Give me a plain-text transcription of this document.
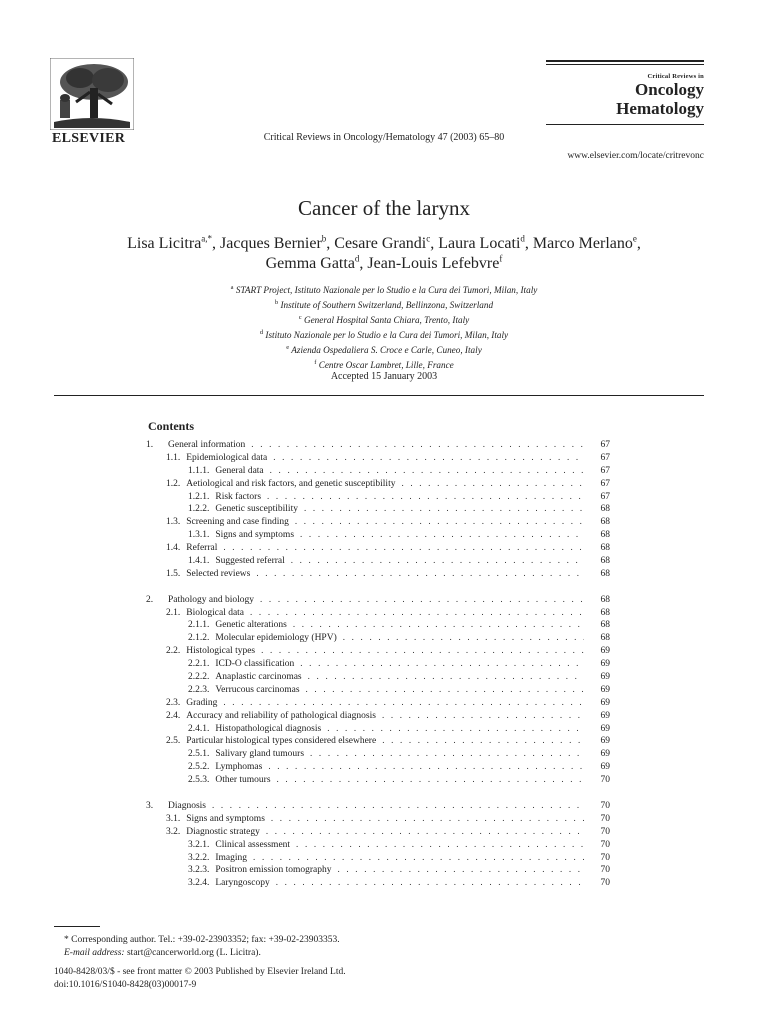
ELSEVIER	Critical Reviews in Oncology/Hematology 47 (2003) 65–80
Critical Reviews in
Oncology
Hematology
www.elsevier.com/locate/critrevonc
Cancer of the larynx
Lisa Licitra$^{a,*}$, Jacques Bernier$^b$, Cesare Grandi$^c$, Laura Locati$^d$, Marco Merlano$^e$,
Gemma Gatta$^d$, Jean-Louis Lefebvre$^f$
$^a$ START Project, Istituto Nazionale per lo Studio e la Cura dei Tumori, Milan, Italy
$^b$ Institute of Southern Switzerland, Bellinzona, Switzerland
$^c$ General Hospital Santa Chiara, Trento, Italy
$^d$ Istituto Nazionale per lo Studio e la Cura dei Tumori, Milan, Italy
$^e$ Azienda Ospedaliera S. Croce e Carle, Cuneo, Italy
$^f$ Centre Oscar Lambret, Lille, France
Accepted 15 January 2003
Contents
1.	General information . . .	67
1.1. Epidemiological data . . .	67
1.1.1. General data . . .	67
1.2. Aetiological and risk factors, and genetic susceptibility . . .	67
1.2.1. Risk factors . . .	67
1.2.2. Genetic susceptibility . . .	68
1.3. Screening and case finding . . .	68
1.3.1. Signs and symptoms . . .	68
1.4. Referral . . .	68
1.4.1. Suggested referral . . .	68
1.5. Selected reviews . . .	68
2.	Pathology and biology . . .	68
2.1. Biological data . . .	68
2.1.1. Genetic alterations . . .	68
2.1.2. Molecular epidemiology (HPV) . . .	68
2.2. Histological types . . .	69
2.2.1. ICD-O classification . . .	69
2.2.2. Anaplastic carcinomas . . .	69
2.2.3. Verrucous carcinomas . . .	69
2.3. Grading . . .	69
2.4. Accuracy and reliability of pathological diagnosis . . .	69
2.4.1. Histopathological diagnosis . . .	69
2.5. Particular histological types considered elsewhere . . .	69
2.5.1. Salivary gland tumours . . .	69
2.5.2. Lymphomas . . .	69
2.5.3. Other tumours . . .	70
3.	Diagnosis . . .	70
3.1. Signs and symptoms . . .	70
3.2. Diagnostic strategy . . .	70
3.2.1. Clinical assessment . . .	70
3.2.2. Imaging . . .	70
3.2.3. Positron emission tomography . . .	70
3.2.4. Laryngoscopy . . .	70
* Corresponding author. Tel.: +39-02-23903352; fax: +39-02-23903353.
E-mail address: start@cancerworld.org (L. Licitra).
1040-8428/03/$ - see front matter © 2003 Published by Elsevier Ireland Ltd.
doi:10.1016/S1040-8428(03)00017-9
